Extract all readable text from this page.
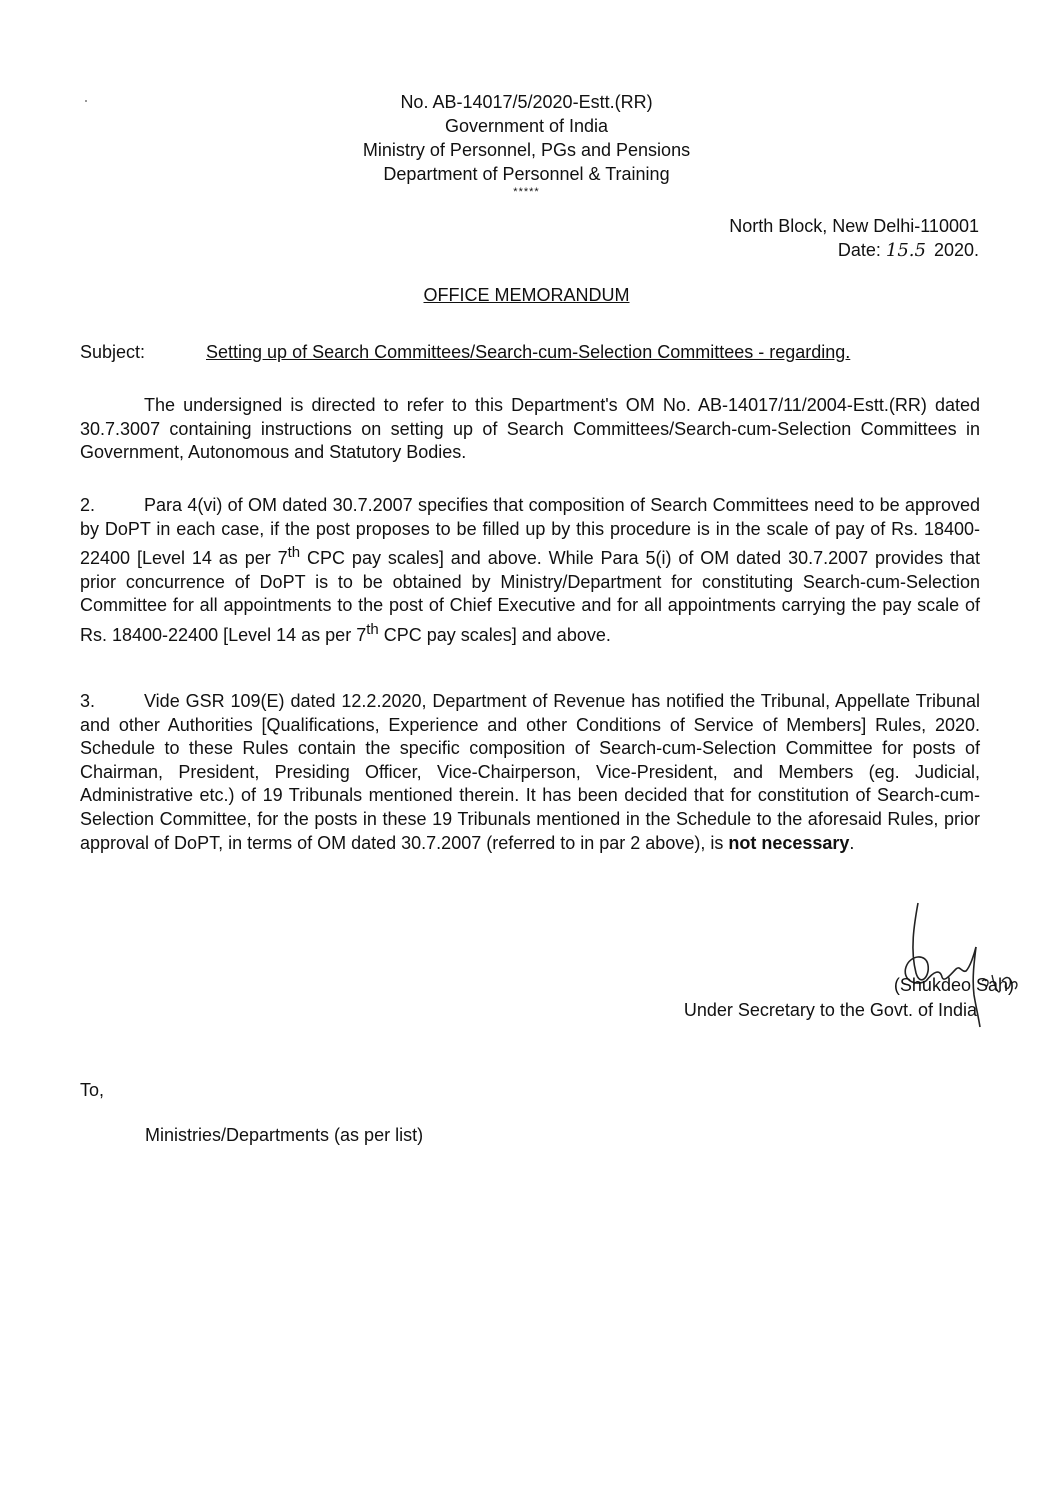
No. AB-14017/5/2020-Estt.(RR)
Government of India
Ministry of Personnel, PGs and Pensions
Department of Personnel & Training
*****
North Block, New Delhi-110001
Date: 15.5 2020.
OFFICE MEMORANDUM
Subject:	Setting up of Search Committees/Search-cum-Selection Committees - regarding.

The undersigned is directed to refer to this Department's OM No. AB-14017/11/2004-Estt.(RR) dated 30.7.3007 containing instructions on setting up of Search Committees/Search-cum-Selection Committees in Government, Autonomous and Statutory Bodies.

2.	Para 4(vi) of OM dated 30.7.2007 specifies that composition of Search Committees need to be approved by DoPT in each case, if the post proposes to be filled up by this procedure is in the scale of pay of Rs. 18400-22400 [Level 14 as per 7th CPC pay scales] and above. While Para 5(i) of OM dated 30.7.2007 provides that prior concurrence of DoPT is to be obtained by Ministry/Department for constituting Search-cum-Selection Committee for all appointments to the post of Chief Executive and for all appointments carrying the pay scale of Rs. 18400-22400 [Level 14 as per 7th CPC pay scales] and above.

3.	Vide GSR 109(E) dated 12.2.2020, Department of Revenue has notified the Tribunal, Appellate Tribunal and other Authorities [Qualifications, Experience and other Conditions of Service of Members] Rules, 2020. Schedule to these Rules contain the specific composition of Search-cum-Selection Committee for posts of Chairman, President, Presiding Officer, Vice-Chairperson, Vice-President, and Members (eg. Judicial, Administrative etc.) of 19 Tribunals mentioned therein. It has been decided that for constitution of Search-cum-Selection Committee, for the posts in these 19 Tribunals mentioned in the Schedule to the aforesaid Rules, prior approval of DoPT, in terms of OM dated 30.7.2007 (referred to in par 2 above), is not necessary.

(Shukdeo Sah)
Under Secretary to the Govt. of India
To,
Ministries/Departments (as per list)
